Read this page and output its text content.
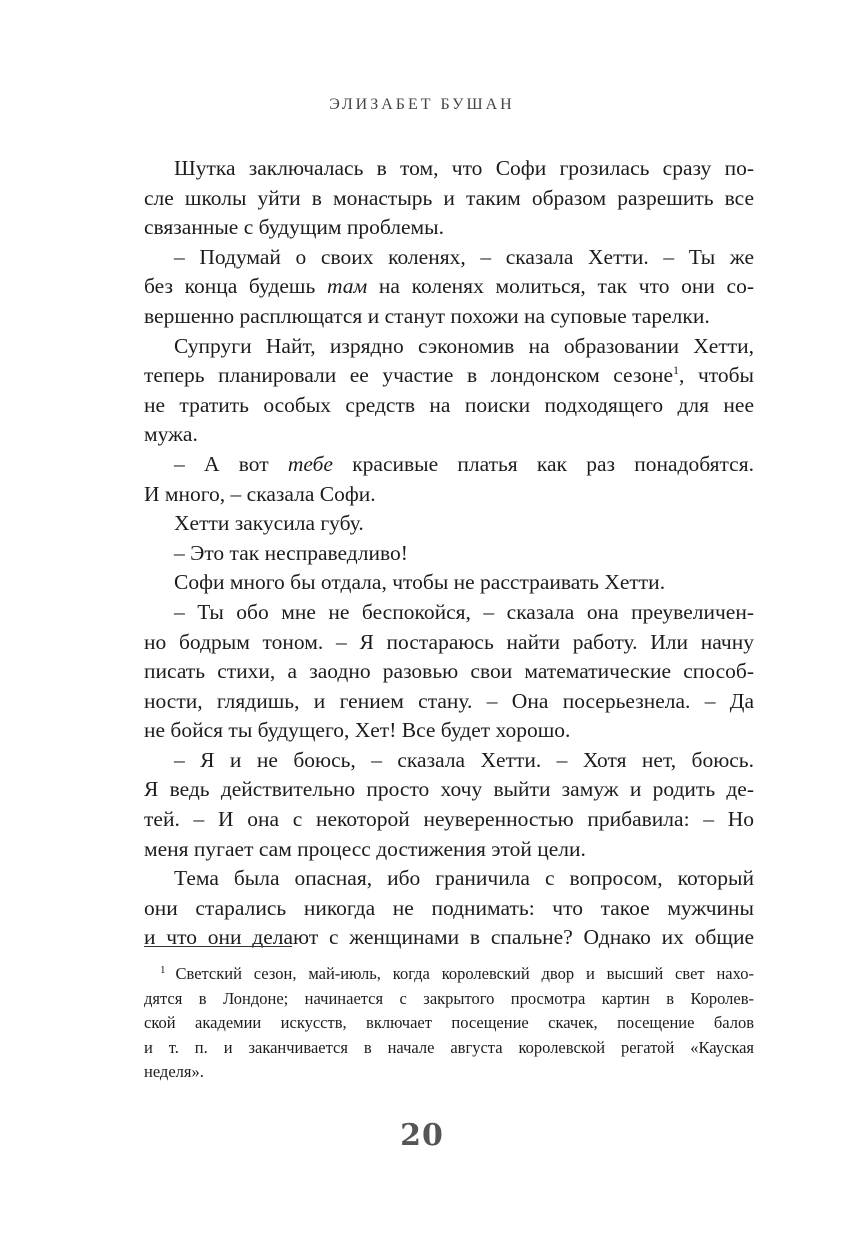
ЭЛИЗАБЕТ БУШАН

Шутка заключалась в том, что Софи грозилась сразу по-
сле школы уйти в монастырь и таким образом разрешить все
связанные с будущим проблемы.

– Подумай о своих коленях, – сказала Хетти. – Ты же
без конца будешь там на коленях молиться, так что они со-
вершенно расплющатся и станут похожи на суповые тарелки.

Супруги Найт, изрядно сэкономив на образовании Хетти,
теперь планировали ее участие в лондонском сезоне$^1$, чтобы
не тратить особых средств на поиски подходящего для нее
мужа.

– А вот тебе красивые платья как раз понадобятся.
И много, – сказала Софи.

Хетти закусила губу.

– Это так несправедливо!

Софи много бы отдала, чтобы не расстраивать Хетти.

– Ты обо мне не беспокойся, – сказала она преувеличен-
но бодрым тоном. – Я постараюсь найти работу. Или начну
писать стихи, а заодно разовью свои математические способ-
ности, глядишь, и гением стану. – Она посерьезнела. – Да
не бойся ты будущего, Хет! Все будет хорошо.

– Я и не боюсь, – сказала Хетти. – Хотя нет, боюсь.
Я ведь действительно просто хочу выйти замуж и родить де-
тей. – И она с некоторой неуверенностью прибавила: – Но
меня пугает сам процесс достижения этой цели.

Тема была опасная, ибо граничила с вопросом, который
они старались никогда не поднимать: что такое мужчины
и что они делают с женщинами в спальне? Однако их общие

$^1$ Светский сезон, май-июль, когда королевский двор и высший свет нахо-
дятся в Лондоне; начинается с закрытого просмотра картин в Королев-
ской академии искусств, включает посещение скачек, посещение балов
и т. п. и заканчивается в начале августа королевской регатой «Кауская
неделя».
20
